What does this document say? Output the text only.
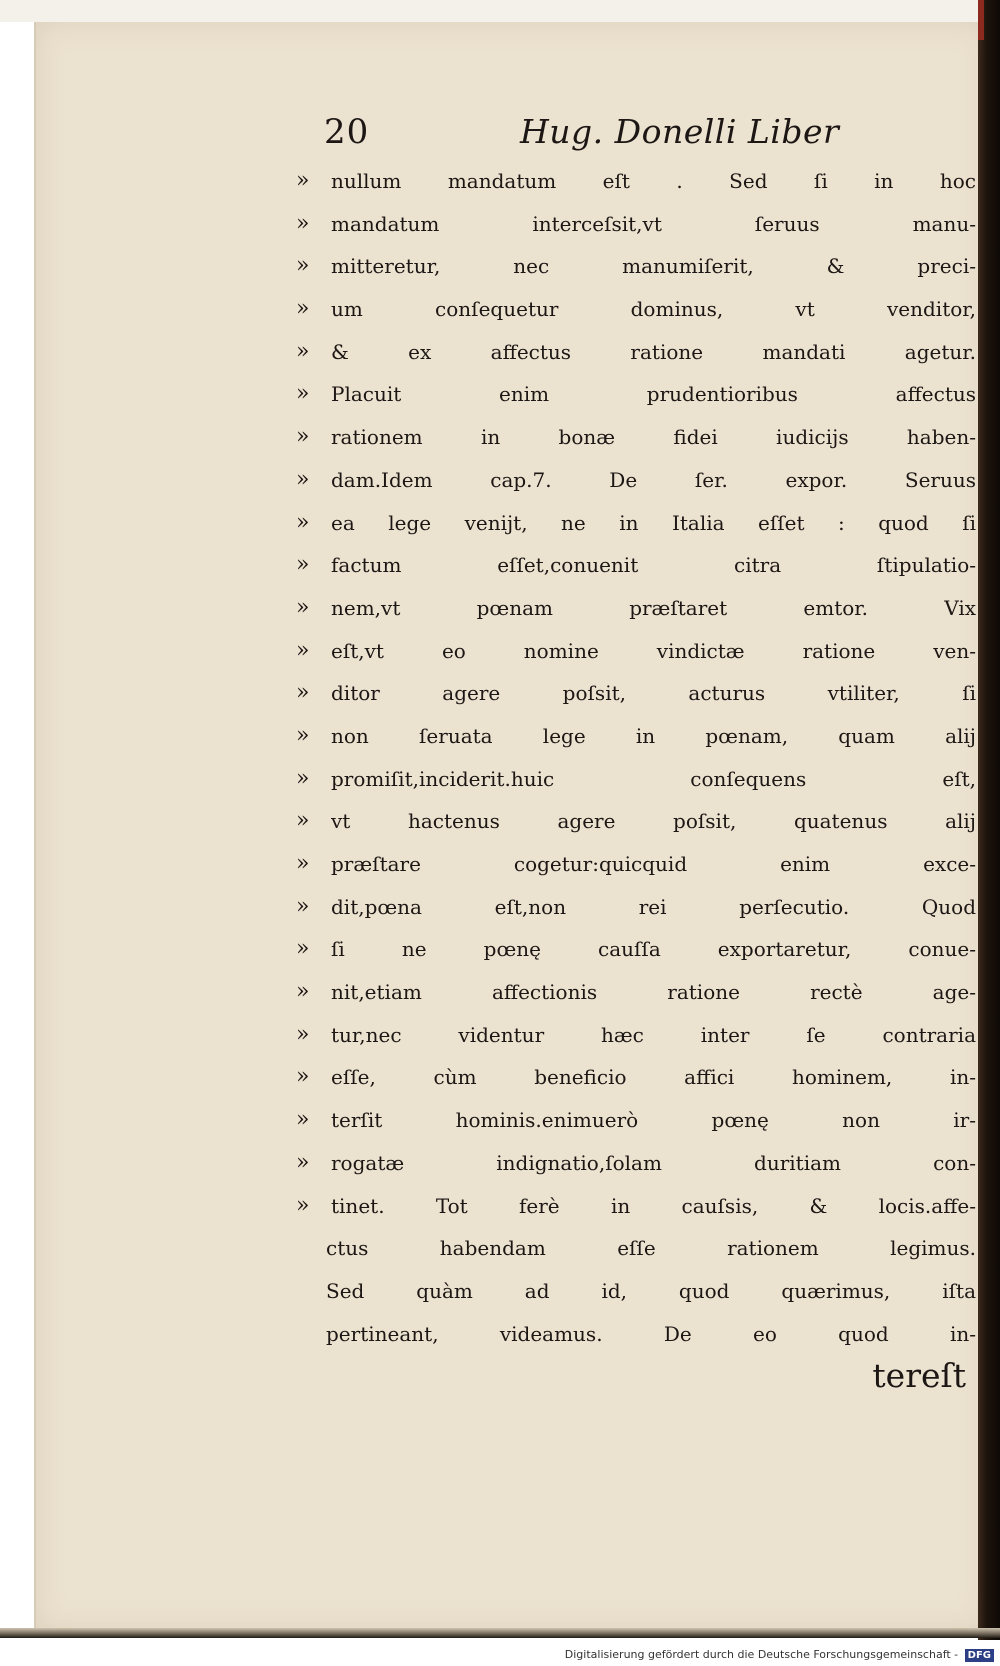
20	Hug. Donelli Liber
»	nullum mandatum eſt . Sed ſi in hoc
»	mandatum interceſsit,vt ſeruus manu-
»	mitteretur, nec manumiſerit, & preci-
»	um conſequetur dominus, vt venditor,
»	& ex affectus ratione mandati agetur.
»	Placuit enim prudentioribus affectus
»	rationem in bonæ fidei iudicijs haben-
»	dam.Idem cap.7. De ſer. expor. Seruus
»	ea lege venijt, ne in Italia eſſet : quod ſi
»	factum eſſet,conuenit citra ſtipulatio-
»	nem,vt pœnam præſtaret emtor. Vix
»	eſt,vt eo nomine vindictæ ratione ven-
»	ditor agere poſsit, acturus vtiliter, ſi
»	non ſeruata lege in pœnam, quam alij
»	promiſit,inciderit.huic conſequens eſt,
»	vt hactenus agere poſsit, quatenus alij
»	præſtare cogetur:quicquid enim exce-
»	dit,pœna eſt,non rei perſecutio. Quod
»	ſi ne pœnę cauſſa exportaretur, conue-
»	nit,etiam affectionis ratione rectè age-
»	tur,nec videntur hæc inter ſe contraria
»	eſſe, cùm beneficio affici hominem, in-
»	terſit hominis.enimuerò pœnę non ir-
»	rogatæ indignatio,ſolam duritiam con-
»	tinet. Tot ferè in cauſsis, & locis.affe-
ctus habendam eſſe rationem legimus.
Sed quàm ad id, quod quærimus, iſta
pertineant, videamus. De eo quod in-
tereſt
Digitalisierung gefördert durch die Deutsche Forschungsgemeinschaft - DFG
